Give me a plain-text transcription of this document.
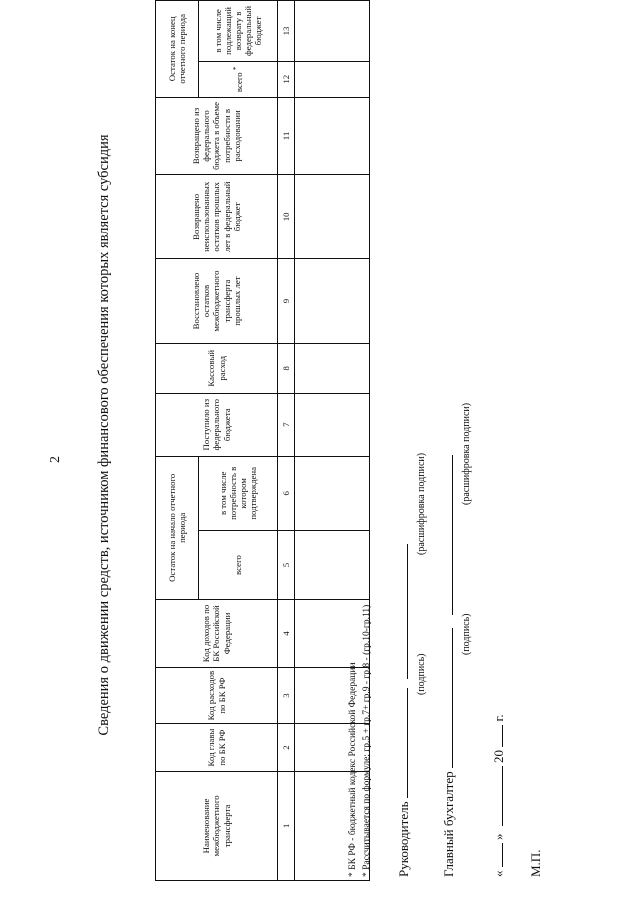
2 Сведения о движении средств, источником финансового обеспечения которых является субсидия
Наименование межбюджетного трансферта	Код главы по БК РФ	Код расходов по БК РФ	Код доходов по БК Российской Федерации	Остаток на начало отчетного периода		Поступило из федерального бюджета	Кассовый расход	Восстановлено остатков межбюджетного трансферта прошлых лет	Возвращено неиспользованных остатков прошлых лет в федеральный бюджет	Возвращено из федерального бюджета в объеме потребности в расходовании	Остаток на конец отчетного периода	
				всего	в том числе потребность в котором подтверждена						всего *	в том числе подлежащий возврату в федеральный бюджет
1	2	3	4	5	6	7	8	9	10	11	12	13

* БК РФ - бюджетный кодекс Российской Федерации * Рассчитывается по формуле: гр.5 + гр.7+ гр.9 - гр.8 - (гр.10-гр.11) Руководитель
(подпись)
(расшифровка подписи)
Главный бухгалтер
(подпись)
(расшифровка подписи)
«  »  20  г.
М.П.
